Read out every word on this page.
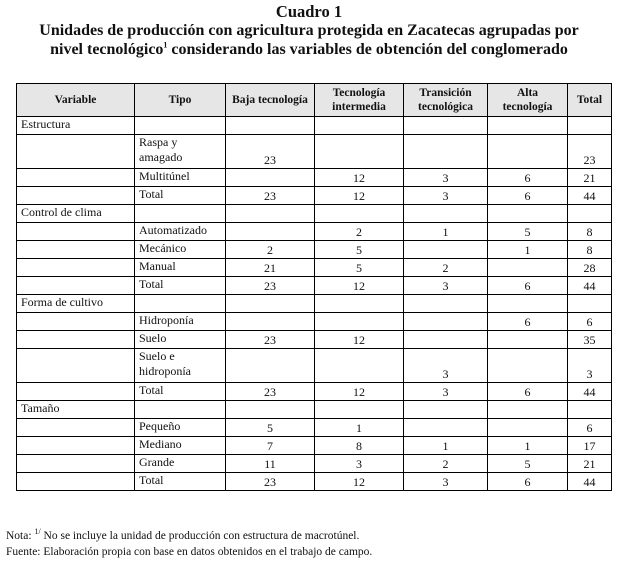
Cuadro 1
Unidades de producción con agricultura protegida en Zacatecas agrupadas por
nivel tecnológico$^1$ considerando las variables de obtención del conglomerado
Variable	Tipo	Baja tecnología	Tecnología intermedia	Transición tecnológica	Alta tecnología	Total
Estructura						
	Raspa y amagado	23				23
	Multitúnel		12	3	6	21
	Total	23	12	3	6	44
Control de clima						
	Automatizado		2	1	5	8
	Mecánico	2	5		1	8
	Manual	21	5	2		28
	Total	23	12	3	6	44
Forma de cultivo						
	Hidroponía				6	6
	Suelo	23	12			35
	Suelo e hidroponía			3		3
	Total	23	12	3	6	44
Tamaño						
	Pequeño	5	1			6
	Mediano	7	8	1	1	17
	Grande	11	3	2	5	21
	Total	23	12	3	6	44
Nota: $^{1/}$ No se incluye la unidad de producción con estructura de macrotúnel.
Fuente: Elaboración propia con base en datos obtenidos en el trabajo de campo.
